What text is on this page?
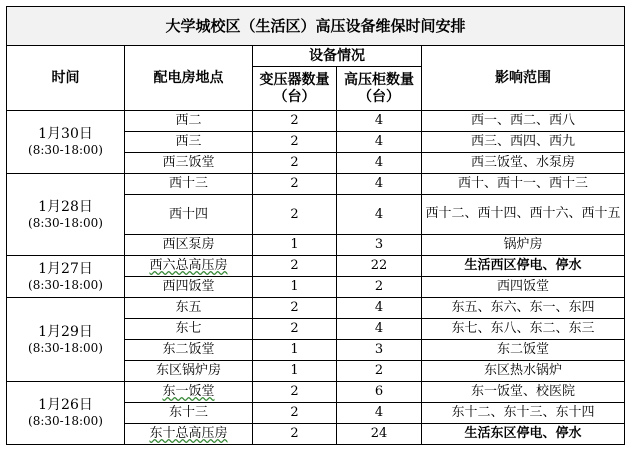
大学城校区（生活区）高压设备维保时间安排				
时间	配电房地点	设备情况		影响范围
		变压器数量（台）	高压柜数量（台）	

1月30日
(8:30-18:00)	西二	2	4	西一、西二、西八
	西三	2	4	西三、西四、西九
	西三饭堂	2	4	西三饭堂、水泵房

1月28日
(8:30-18:00)	西十三	2	4	西十、西十一、西十三
	西十四	2	4	西十二、西十四、西十六、西十五
	西区泵房	1	3	锅炉房

1月27日
(8:30-18:00)	西六总高压房	2	22	生活西区停电、停水
	西四饭堂	1	2	西四饭堂

1月29日
(8:30-18:00)	东五	2	4	东五、东六、东一、东四
	东七	2	4	东七、东八、东二、东三
	东二饭堂	1	3	东二饭堂
	东区锅炉房	1	2	东区热水锅炉

1月26日
(8:30-18:00)	东一饭堂	2	6	东一饭堂、校医院
	东十三	2	4	东十二、东十三、东十四
	东十总高压房	2	24	生活东区停电、停水
